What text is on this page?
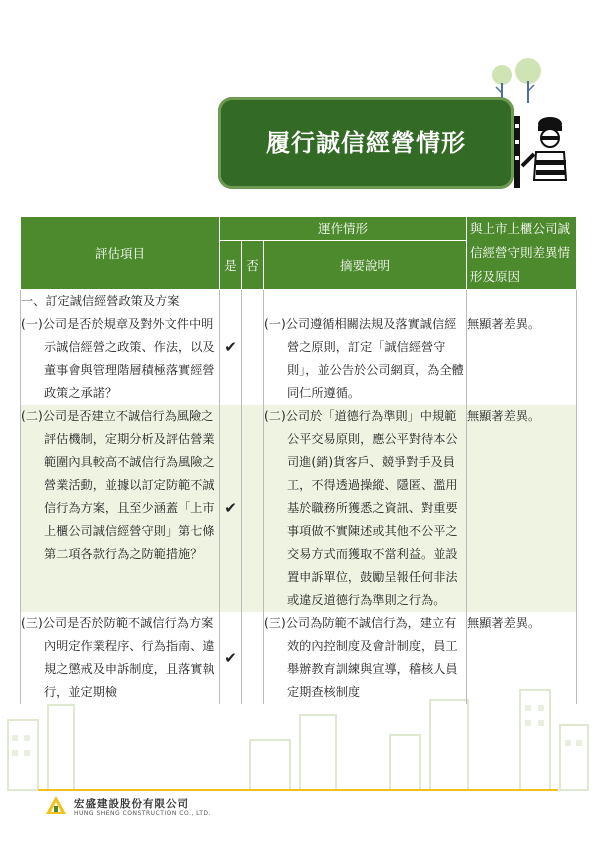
履行誠信經營情形
評估項目	運作情形			與上市上櫃公司誠信經營守則差異情形及原因
	是	否	摘要說明	

一、訂定誠信經營政策及方案
(一)公司是否於規章及對外文件中明示誠信經營之政策、作法，以及董事會與管理階層積極落實經營政策之承諾？	✔		(一)公司遵循相關法規及落實誠信經營之原則，訂定「誠信經營守則」，並公告於公司網頁，為全體同仁所遵循。	無顯著差異。

(二)公司是否建立不誠信行為風險之評估機制，定期分析及評估營業範圍內具較高不誠信行為風險之營業活動，並據以訂定防範不誠信行為方案，且至少涵蓋「上市上櫃公司誠信經營守則」第七條第二項各款行為之防範措施？	✔		(二)公司於「道德行為準則」中規範公平交易原則，應公平對待本公司進(銷)貨客戶、競爭對手及員工，不得透過操縱、隱匿、濫用基於職務所獲悉之資訊、對重要事項做不實陳述或其他不公平之交易方式而獲取不當利益。並設置申訴單位，鼓勵呈報任何非法或違反道德行為準則之行為。	無顯著差異。

(三)公司是否於防範不誠信行為方案內明定作業程序、行為指南、違規之懲戒及申訴制度，且落實執行，並定期檢	✔		(三)公司為防範不誠信行為，建立有效的內控制度及會計制度，員工舉辦教育訓練與宣導，稽核人員定期查核制度	無顯著差異。
宏盛建設股份有限公司
HUNG SHENG CONSTRUCTION CO., LTD.
